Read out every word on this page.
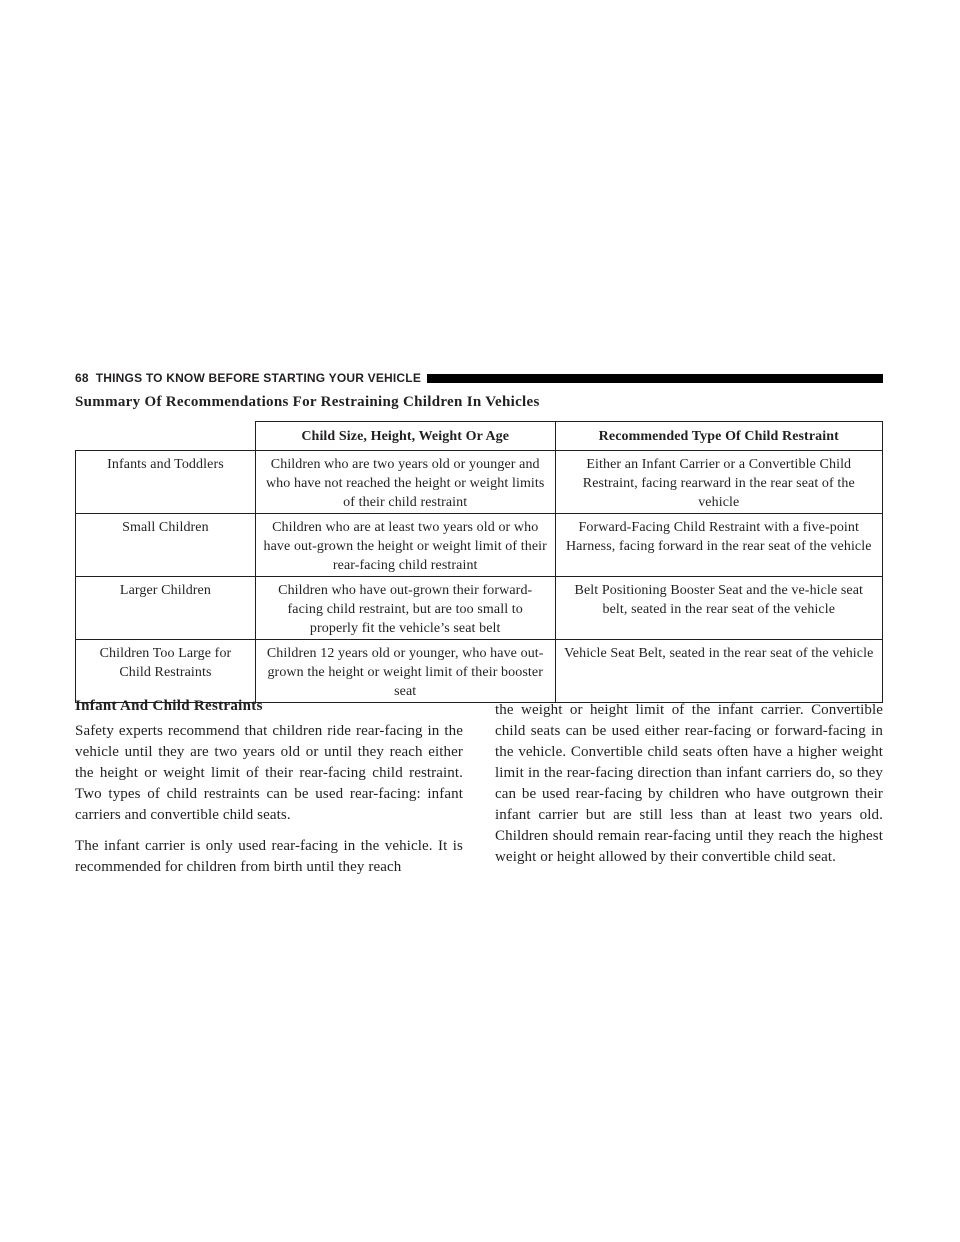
68 THINGS TO KNOW BEFORE STARTING YOUR VEHICLE
Summary Of Recommendations For Restraining Children In Vehicles
	Child Size, Height, Weight Or Age	Recommended Type Of Child Restraint
Infants and Toddlers	Children who are two years old or younger and who have not reached the height or weight limits of their child restraint	Either an Infant Carrier or a Convertible Child Restraint, facing rearward in the rear seat of the vehicle
Small Children	Children who are at least two years old or who have out-grown the height or weight limit of their rear-facing child restraint	Forward-Facing Child Restraint with a five-point Harness, facing forward in the rear seat of the vehicle
Larger Children	Children who have out-grown their forward-facing child restraint, but are too small to properly fit the vehicle’s seat belt	Belt Positioning Booster Seat and the ve-hicle seat belt, seated in the rear seat of the vehicle
Children Too Large for Child Restraints	Children 12 years old or younger, who have out-grown the height or weight limit of their booster seat	Vehicle Seat Belt, seated in the rear seat of the vehicle
Infant And Child Restraints

Safety experts recommend that children ride rear-facing in the vehicle until they are two years old or until they reach either the height or weight limit of their rear-facing child restraint. Two types of child restraints can be used rear-facing: infant carriers and convertible child seats.

The infant carrier is only used rear-facing in the vehicle. It is recommended for children from birth until they reach

the weight or height limit of the infant carrier. Convertible child seats can be used either rear-facing or forward-facing in the vehicle. Convertible child seats often have a higher weight limit in the rear-facing direction than infant carriers do, so they can be used rear-facing by children who have outgrown their infant carrier but are still less than at least two years old. Children should remain rear-facing until they reach the highest weight or height allowed by their convertible child seat.
